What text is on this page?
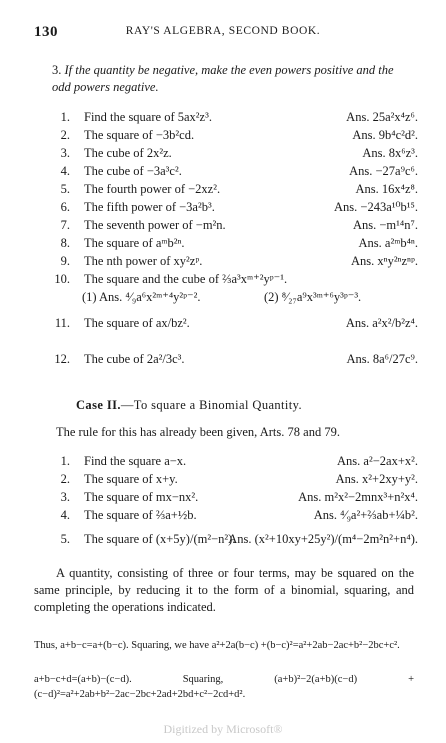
130	RAY'S ALGEBRA, SECOND BOOK.
3. If the quantity be negative, make the even powers positive and the odd powers negative.
1. Find the square of 5ax²z³.	Ans. 25a²x⁴z⁶.
2. The square of −3b²cd.	Ans. 9b⁴c²d².
3. The cube of 2x²z.	Ans. 8x⁶z³.
4. The cube of −3a³c².	Ans. −27a⁹c⁶.
5. The fourth power of −2xz².	Ans. 16x⁴z⁸.
6. The fifth power of −3a²b³.	Ans. −243a¹⁰b¹⁵.
7. The seventh power of −m²n.	Ans. −m¹⁴n⁷.
8. The square of aᵐb²ⁿ.	Ans. a²ᵐb⁴ⁿ.
9. The nth power of xy²zᵖ.	Ans. xⁿy²ⁿzⁿᵖ.
10. The square and the cube of ⅔a³xᵐ⁺²yᵖ⁻¹.
(1) Ans. ⁴⁄₉a⁶x²ᵐ⁺⁴y²ᵖ⁻².	(2) ⁸⁄₂₇a⁹x³ᵐ⁺⁶y³ᵖ⁻³.
11. The square of ax/bz².	Ans. a²x²/b²z⁴.
12. The cube of 2a²/3c³.	Ans. 8a⁶/27c⁹.
Case II.—To square a Binomial Quantity.
The rule for this has already been given, Arts. 78 and 79.
1. Find the square a−x.	Ans. a²−2ax+x².
2. The square of x+y.	Ans. x²+2xy+y².
3. The square of mx−nx².	Ans. m²x²−2mnx³+n²x⁴.
4. The square of ⅔a+½b.	Ans. ⁴⁄₉a²+⅔ab+¼b².
5. The square of (x+5y)/(m²−n²).
Ans. (x²+10xy+25y²)/(m⁴−2m²n²+n⁴).
A quantity, consisting of three or four terms, may be squared on the same principle, by reducing it to the form of a binomial, squaring, and completing the operations indicated.
Thus, a+b−c=a+(b−c). Squaring, we have a²+2a(b−c) +(b−c)²=a²+2ab−2ac+b²−2bc+c².
a+b−c+d=(a+b)−(c−d). Squaring, (a+b)²−2(a+b)(c−d) +(c−d)²=a²+2ab+b²−2ac−2bc+2ad+2bd+c²−2cd+d².
Digitized by Microsoft®
